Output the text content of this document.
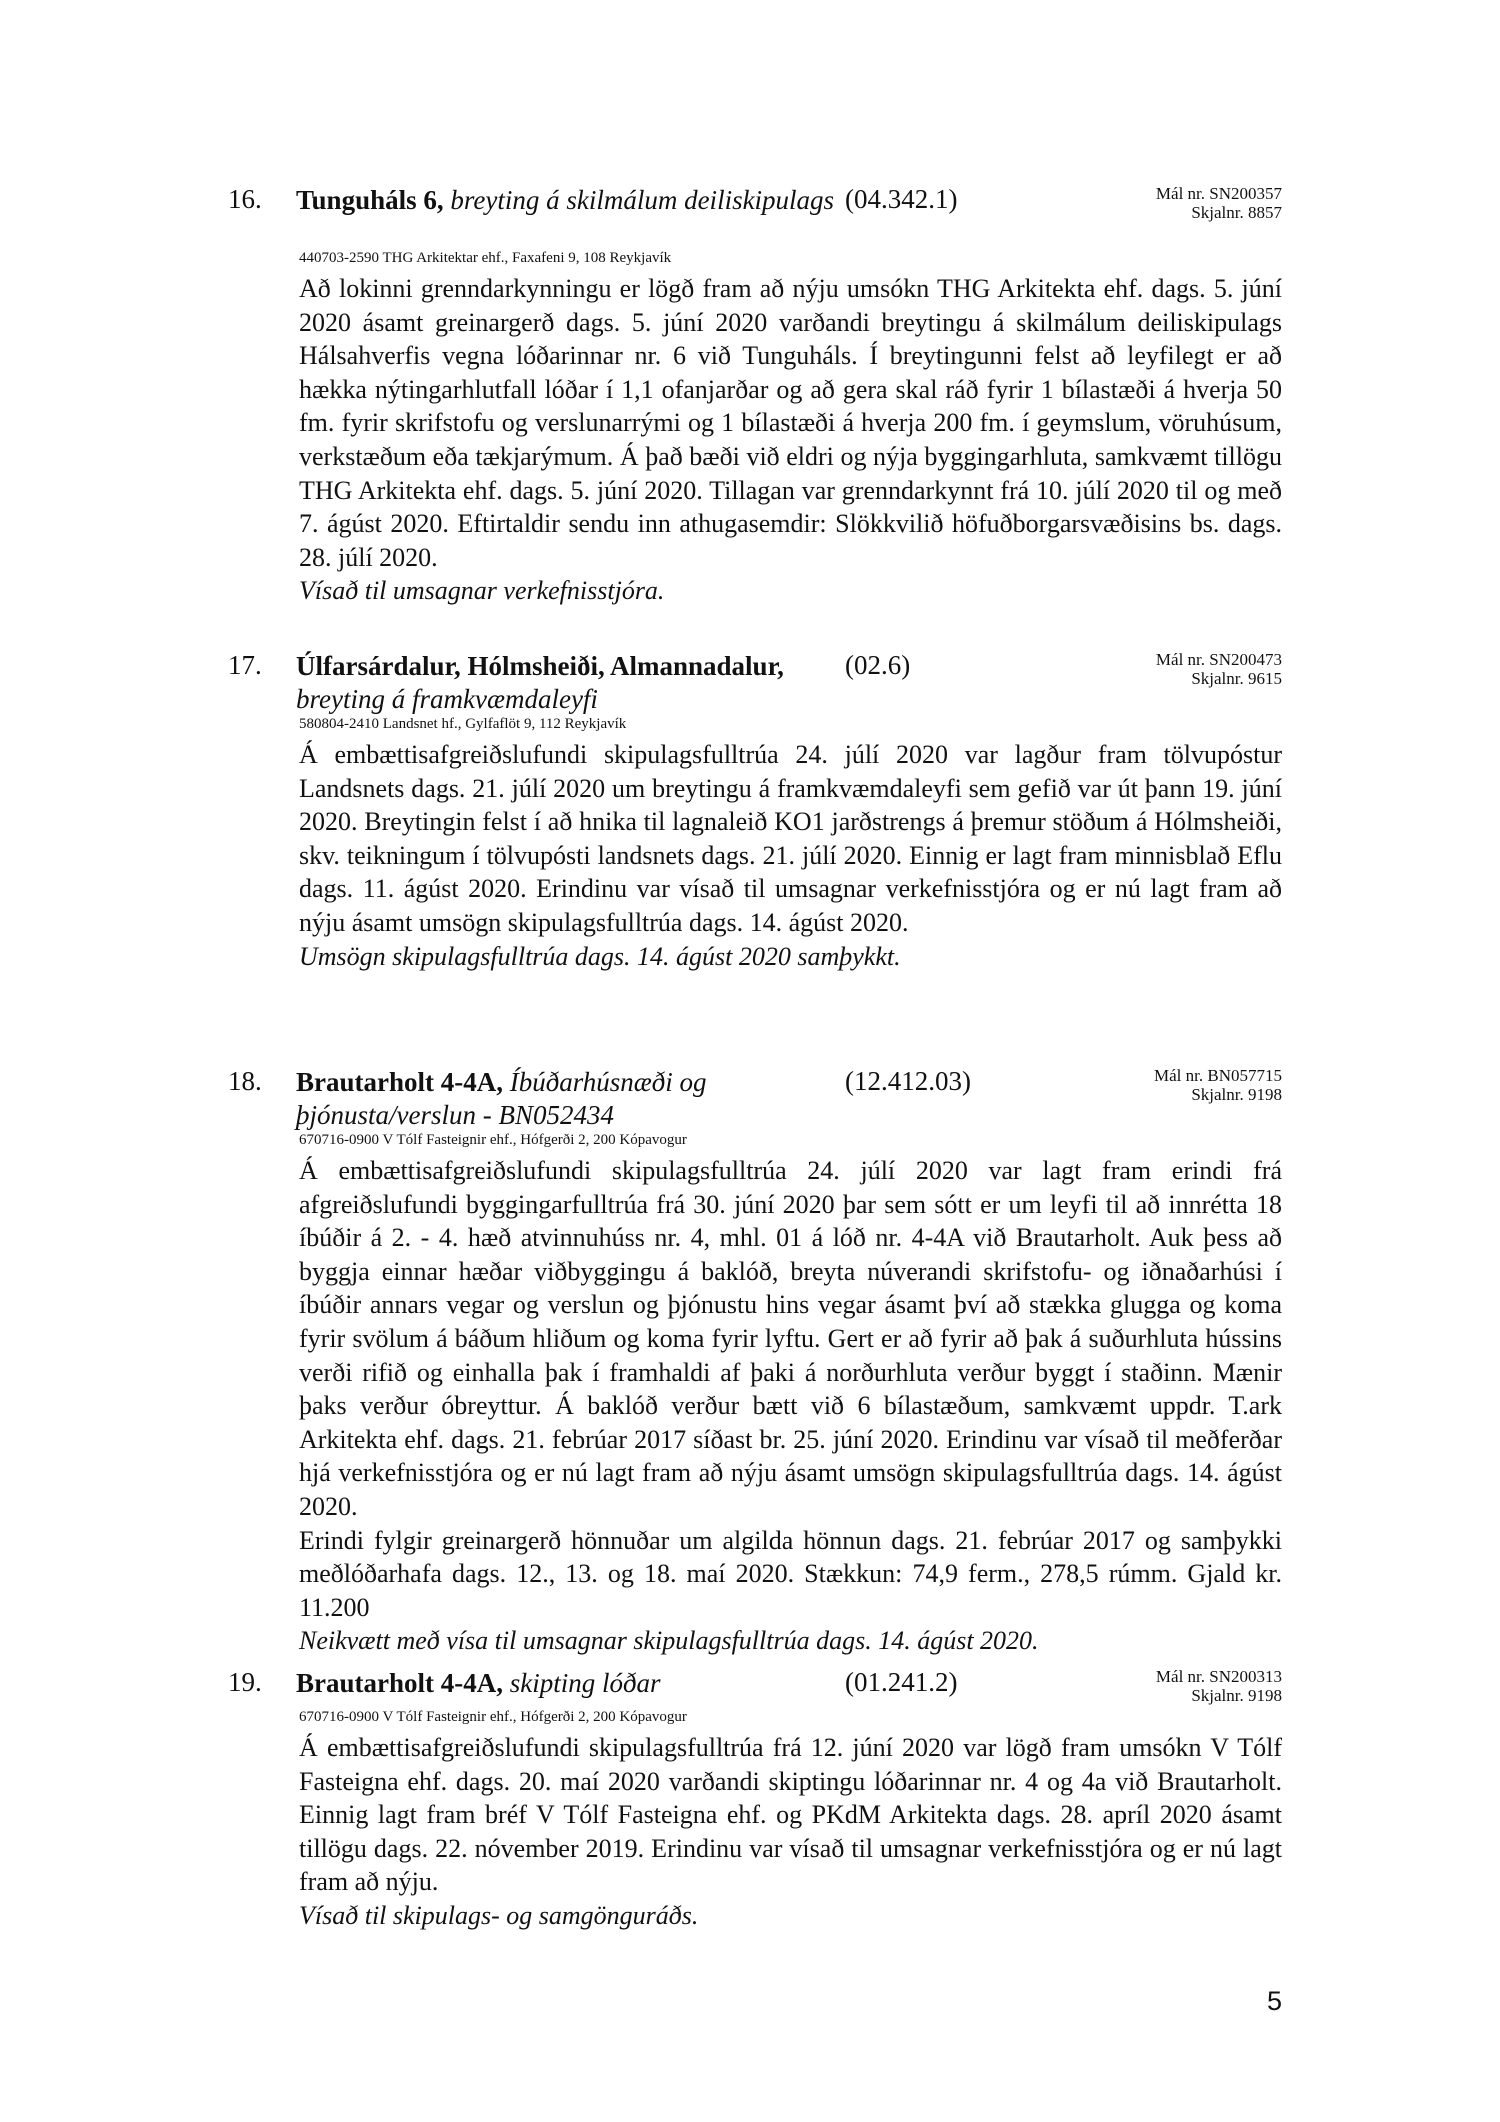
16. Tunguháls 6, breyting á skilmálum deiliskipulags (04.342.1)	Mál nr. SN200357
Skjalnr. 8857
440703-2590 THG Arkitektar ehf., Faxafeni 9, 108 Reykjavík

Að lokinni grenndarkynningu er lögð fram að nýju umsókn THG Arkitekta ehf. dags. 5. júní 2020 ásamt greinargerð dags. 5. júní 2020 varðandi breytingu á skilmálum deiliskipulags Hálsahverfis vegna lóðarinnar nr. 6 við Tunguháls. Í breytingunni felst að leyfilegt er að hækka nýtingarhlutfall lóðar í 1,1 ofanjarðar og að gera skal ráð fyrir 1 bílastæði á hverja 50 fm. fyrir skrifstofu og verslunarrými og 1 bílastæði á hverja 200 fm. í geymslum, vöruhúsum, verkstæðum eða tækjarýmum. Á það bæði við eldri og nýja byggingarhluta, samkvæmt tillögu THG Arkitekta ehf. dags. 5. júní 2020. Tillagan var grenndarkynnt frá 10. júlí 2020 til og með 7. ágúst 2020. Eftirtaldir sendu inn athugasemdir: Slökkvilið höfuðborgarsvæðisins bs. dags. 28. júlí 2020.

Vísað til umsagnar verkefnisstjóra.

17. Úlfarsárdalur, Hólmsheiði, Almannadalur, breyting á framkvæmdaleyfi
(02.6)	Mál nr. SN200473
Skjalnr. 9615
580804-2410 Landsnet hf., Gylfaflöt 9, 112 Reykjavík

Á embættisafgreiðslufundi skipulagsfulltrúa 24. júlí 2020 var lagður fram tölvupóstur Landsnets dags. 21. júlí 2020 um breytingu á framkvæmdaleyfi sem gefið var út þann 19. júní 2020. Breytingin felst í að hnika til lagnaleið KO1 jarðstrengs á þremur stöðum á Hólmsheiði, skv. teikningum í tölvupósti landsnets dags. 21. júlí 2020. Einnig er lagt fram minnisblað Eflu dags. 11. ágúst 2020. Erindinu var vísað til umsagnar verkefnisstjóra og er nú lagt fram að nýju ásamt umsögn skipulagsfulltrúa dags. 14. ágúst 2020.

Umsögn skipulagsfulltrúa dags. 14. ágúst 2020 samþykkt.

18. Brautarholt 4-4A, Íbúðarhúsnæði og þjónusta/verslun - BN052434
(12.412.03)	Mál nr. BN057715
Skjalnr. 9198
670716-0900 V Tólf Fasteignir ehf., Hófgerði 2, 200 Kópavogur

Á embættisafgreiðslufundi skipulagsfulltrúa 24. júlí 2020 var lagt fram erindi frá afgreiðslufundi byggingarfulltrúa frá 30. júní 2020 þar sem sótt er um leyfi til að innrétta 18 íbúðir á 2. - 4. hæð atvinnuhúss nr. 4, mhl. 01 á lóð nr. 4-4A við Brautarholt. Auk þess að byggja einnar hæðar viðbyggingu á baklóð, breyta núverandi skrifstofu- og iðnaðarhúsi í íbúðir annars vegar og verslun og þjónustu hins vegar ásamt því að stækka glugga og koma fyrir svölum á báðum hliðum og koma fyrir lyftu. Gert er að fyrir að þak á suðurhluta hússins verði rifið og einhalla þak í framhaldi af þaki á norðurhluta verður byggt í staðinn. Mænir þaks verður óbreyttur. Á baklóð verður bætt við 6 bílastæðum, samkvæmt uppdr. T.ark Arkitekta ehf. dags. 21. febrúar 2017 síðast br. 25. júní 2020. Erindinu var vísað til meðferðar hjá verkefnisstjóra og er nú lagt fram að nýju ásamt umsögn skipulagsfulltrúa dags. 14. ágúst 2020.

Erindi fylgir greinargerð hönnuðar um algilda hönnun dags. 21. febrúar 2017 og samþykki meðlóðarhafa dags. 12., 13. og 18. maí 2020. Stækkun: 74,9 ferm., 278,5 rúmm. Gjald kr. 11.200

Neikvætt með vísa til umsagnar skipulagsfulltrúa dags. 14. ágúst 2020.

19. Brautarholt 4-4A, skipting lóðar	(01.241.2)	Mál nr. SN200313
Skjalnr. 9198
670716-0900 V Tólf Fasteignir ehf., Hófgerði 2, 200 Kópavogur

Á embættisafgreiðslufundi skipulagsfulltrúa frá 12. júní 2020 var lögð fram umsókn V Tólf Fasteigna ehf. dags. 20. maí 2020 varðandi skiptingu lóðarinnar nr. 4 og 4a við Brautarholt. Einnig lagt fram bréf V Tólf Fasteigna ehf. og PKdM Arkitekta dags. 28. apríl 2020 ásamt tillögu dags. 22. nóvember 2019. Erindinu var vísað til umsagnar verkefnisstjóra og er nú lagt fram að nýju.

Vísað til skipulags- og samgönguráðs.

5
